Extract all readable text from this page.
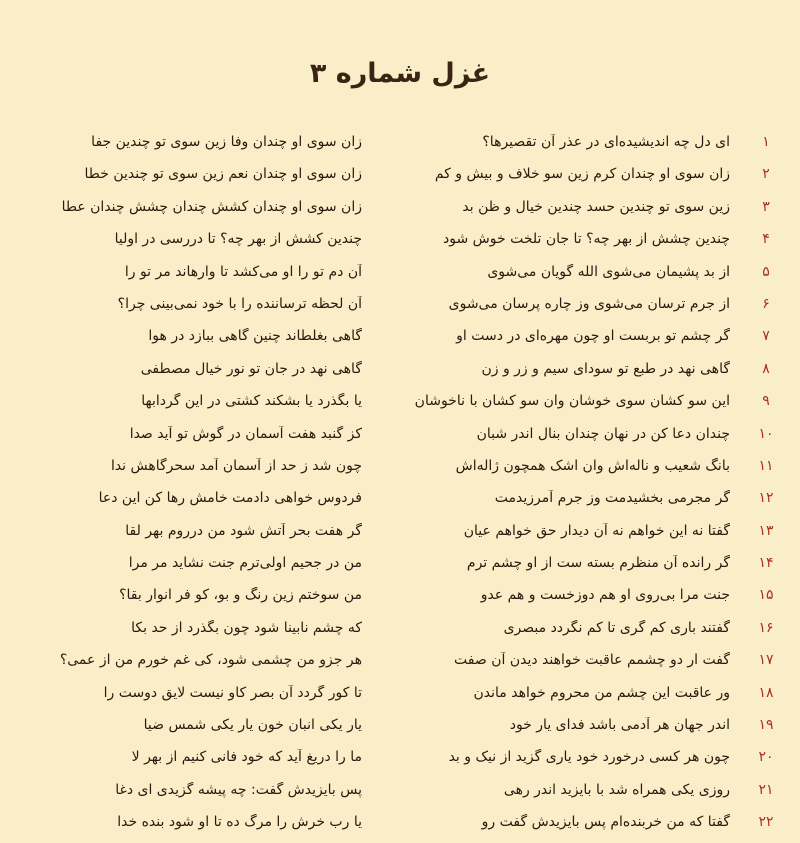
غزل شماره ۳
۱
ای دل چه اندیشیده‌ای در عذر آن تقصیرها؟
زان سوی او چندان وفا زین سوی تو چندین جفا
۲
زان سوی او چندان کرم زین سو خلاف و بیش و کم
زان سوی او چندان نعم زین سوی تو چندین خطا
۳
زین سوی تو چندین حسد چندین خیال و ظن بد
زان سوی او چندان کشش چندان چشش چندان عطا
۴
چندین چشش از بهر چه؟ تا جان تلخت خوش شود
چندین کشش از بهر چه؟ تا دررسی در اولیا
۵
از بد پشیمان می‌شوی الله گویان می‌شوی
آن دم تو را او می‌کشد تا وارهاند مر تو را
۶
از جرم ترسان می‌شوی وز چاره پرسان می‌شوی
آن لحظه ترساننده را با خود نمی‌بینی چرا؟
۷
گر چشم تو بربست او چون مهره‌ای در دست او
گاهی بغلطاند چنین گاهی ببازد در هوا
۸
گاهی نهد در طبع تو سودای سیم و زر و زن
گاهی نهد در جان تو نور خیال مصطفی
۹
این سو کشان سوی خوشان وان سو کشان با ناخوشان
یا بگذرد یا بشکند کشتی در این گردابها
۱۰
چندان دعا کن در نهان چندان بنال اندر شبان
کز گنبد هفت آسمان در گوش تو آید صدا
۱۱
بانگ شعیب و ناله‌اش وان اشک همچون ژاله‌اش
چون شد ز حد از آسمان آمد سحرگاهش ندا
۱۲
گر مجرمی بخشیدمت وز جرم آمرزیدمت
فردوس خواهی دادمت خامش رها کن این دعا
۱۳
گفتا نه این خواهم نه آن دیدار حق خواهم عیان
گر هفت بحر آتش شود من درروم بهر لقا
۱۴
گر رانده آن منظرم بسته ست از او چشم ترم
من در جحیم اولی‌ترم جنت نشاید مر مرا
۱۵
جنت مرا بی‌روی او هم دوزخست و هم عدو
من سوختم زین رنگ و بو، کو فر انوار بقا؟
۱۶
گفتند باری کم گری تا کم نگردد مبصری
که چشم نابینا شود چون بگذرد از حد بکا
۱۷
گفت ار دو چشمم عاقبت خواهند دیدن آن صفت
هر جزو من چشمی شود، کی غم خورم من از عمی؟
۱۸
ور عاقبت این چشم من محروم خواهد ماندن
تا کور گردد آن بصر کاو نیست لایق دوست را
۱۹
اندر جهان هر آدمی باشد فدای یار خود
یار یکی انبان خون یار یکی شمس ضیا
۲۰
چون هر کسی درخورد خود یاری گزید از نیک و بد
ما را دریغ آید که خود فانی کنیم از بهر لا
۲۱
روزی یکی همراه شد با بایزید اندر رهی
پس بایزیدش گفت: چه پیشه گزیدی ای دغا
۲۲
گفتا که من خربنده‌ام پس بایزیدش گفت رو
یا رب خرش را مرگ ده تا او شود بنده خدا
